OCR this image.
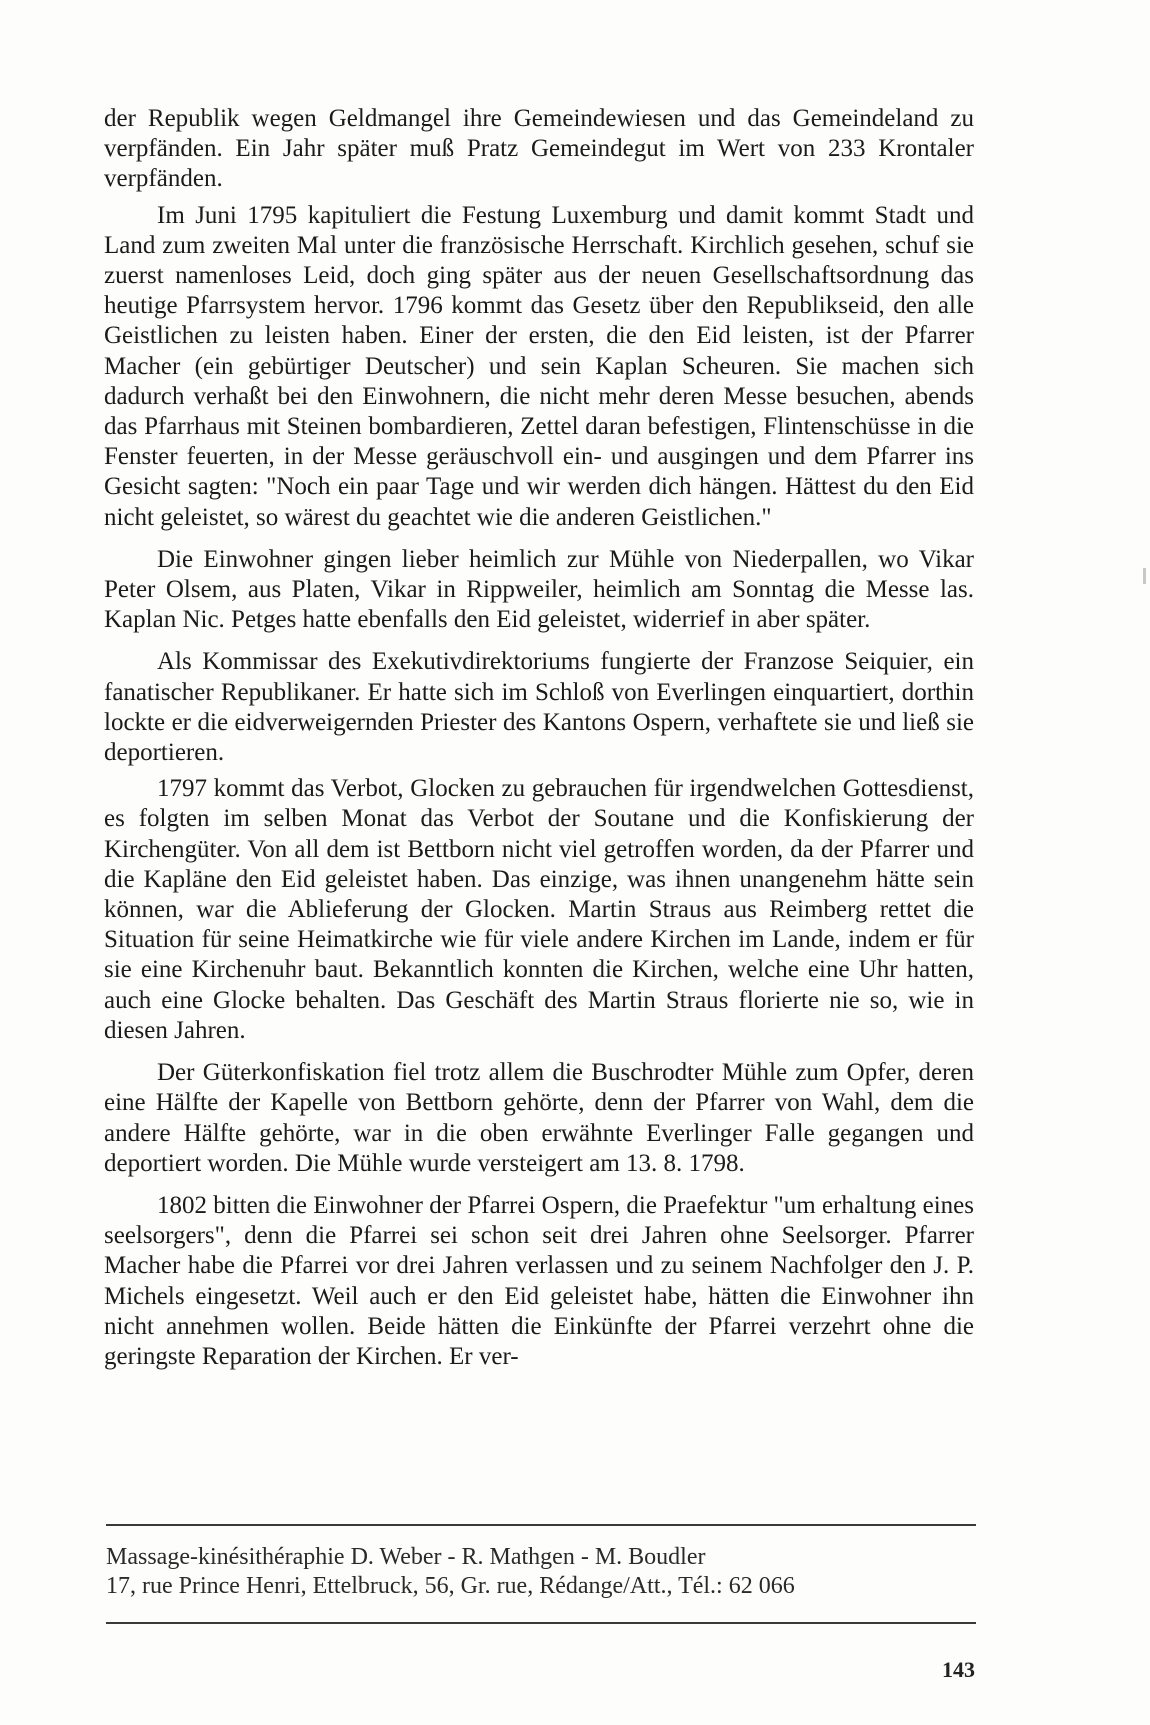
der Republik wegen Geldmangel ihre Gemeindewiesen und das Gemeindeland zu verpfänden. Ein Jahr später muß Pratz Gemeindegut im Wert von 233 Krontaler verpfänden.

Im Juni 1795 kapituliert die Festung Luxemburg und damit kommt Stadt und Land zum zweiten Mal unter die französische Herrschaft. Kirchlich gesehen, schuf sie zuerst namenloses Leid, doch ging später aus der neuen Gesellschaftsordnung das heutige Pfarrsystem hervor. 1796 kommt das Gesetz über den Republikseid, den alle Geistlichen zu leisten haben. Einer der ersten, die den Eid leisten, ist der Pfarrer Macher (ein gebürtiger Deutscher) und sein Kaplan Scheuren. Sie machen sich dadurch verhaßt bei den Einwohnern, die nicht mehr deren Messe besuchen, abends das Pfarrhaus mit Steinen bombardieren, Zettel daran befestigen, Flintenschüsse in die Fenster feuerten, in der Messe geräuschvoll ein- und ausgingen und dem Pfarrer ins Gesicht sagten: "Noch ein paar Tage und wir werden dich hängen. Hättest du den Eid nicht geleistet, so wärest du geachtet wie die anderen Geistlichen."

Die Einwohner gingen lieber heimlich zur Mühle von Niederpallen, wo Vikar Peter Olsem, aus Platen, Vikar in Rippweiler, heimlich am Sonntag die Messe las. Kaplan Nic. Petges hatte ebenfalls den Eid geleistet, widerrief in aber später.

Als Kommissar des Exekutivdirektoriums fungierte der Franzose Seiquier, ein fanatischer Republikaner. Er hatte sich im Schloß von Everlingen einquartiert, dorthin lockte er die eidverweigernden Priester des Kantons Ospern, verhaftete sie und ließ sie deportieren.

1797 kommt das Verbot, Glocken zu gebrauchen für irgendwelchen Gottesdienst, es folgten im selben Monat das Verbot der Soutane und die Konfiskierung der Kirchengüter. Von all dem ist Bettborn nicht viel getroffen worden, da der Pfarrer und die Kapläne den Eid geleistet haben. Das einzige, was ihnen unangenehm hätte sein können, war die Ablieferung der Glocken. Martin Straus aus Reimberg rettet die Situation für seine Heimatkirche wie für viele andere Kirchen im Lande, indem er für sie eine Kirchenuhr baut. Bekanntlich konnten die Kirchen, welche eine Uhr hatten, auch eine Glocke behalten. Das Geschäft des Martin Straus florierte nie so, wie in diesen Jahren.

Der Güterkonfiskation fiel trotz allem die Buschrodter Mühle zum Opfer, deren eine Hälfte der Kapelle von Bettborn gehörte, denn der Pfarrer von Wahl, dem die andere Hälfte gehörte, war in die oben erwähnte Everlinger Falle gegangen und deportiert worden. Die Mühle wurde versteigert am 13. 8. 1798.

1802 bitten die Einwohner der Pfarrei Ospern, die Praefektur "um erhaltung eines seelsorgers", denn die Pfarrei sei schon seit drei Jahren ohne Seelsorger. Pfarrer Macher habe die Pfarrei vor drei Jahren verlassen und zu seinem Nachfolger den J. P. Michels eingesetzt. Weil auch er den Eid geleistet habe, hätten die Einwohner ihn nicht annehmen wollen. Beide hätten die Einkünfte der Pfarrei verzehrt ohne die geringste Reparation der Kirchen. Er ver-

Massage-kinésithéraphie D. Weber - R. Mathgen - M. Boudler

17, rue Prince Henri, Ettelbruck, 56, Gr. rue, Rédange/Att., Tél.: 62 066

143
